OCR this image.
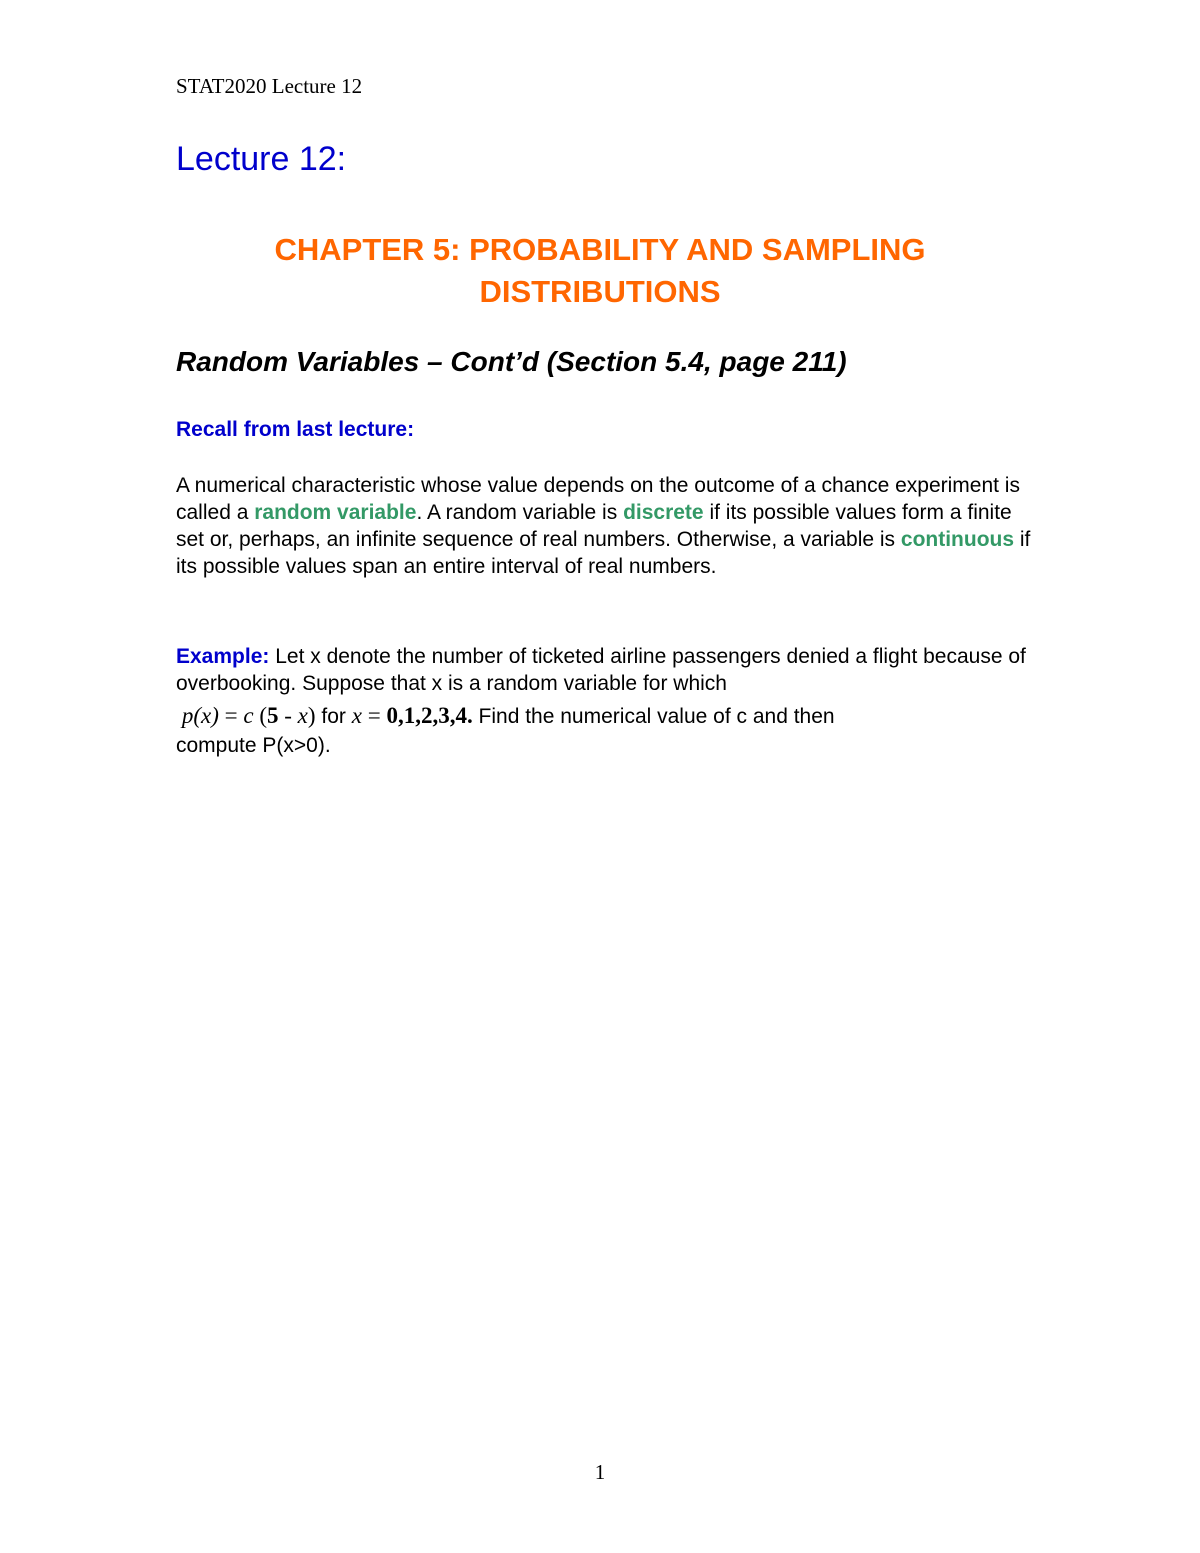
STAT2020 Lecture 12
Lecture 12:
CHAPTER 5: PROBABILITY AND SAMPLING
DISTRIBUTIONS
Random Variables – Cont’d (Section 5.4, page 211)
Recall from last lecture:
A numerical characteristic whose value depends on the outcome of a chance experiment is called a random variable. A random variable is discrete if its possible values form a finite set or, perhaps, an infinite sequence of real numbers. Otherwise, a variable is continuous if its possible values span an entire interval of real numbers.
Example: Let x denote the number of ticketed airline passengers denied a flight because of overbooking. Suppose that x is a random variable for which
p(x) = c (5 - x) for x = 0,1,2,3,4. Find the numerical value of c and then
compute P(x>0).
1
